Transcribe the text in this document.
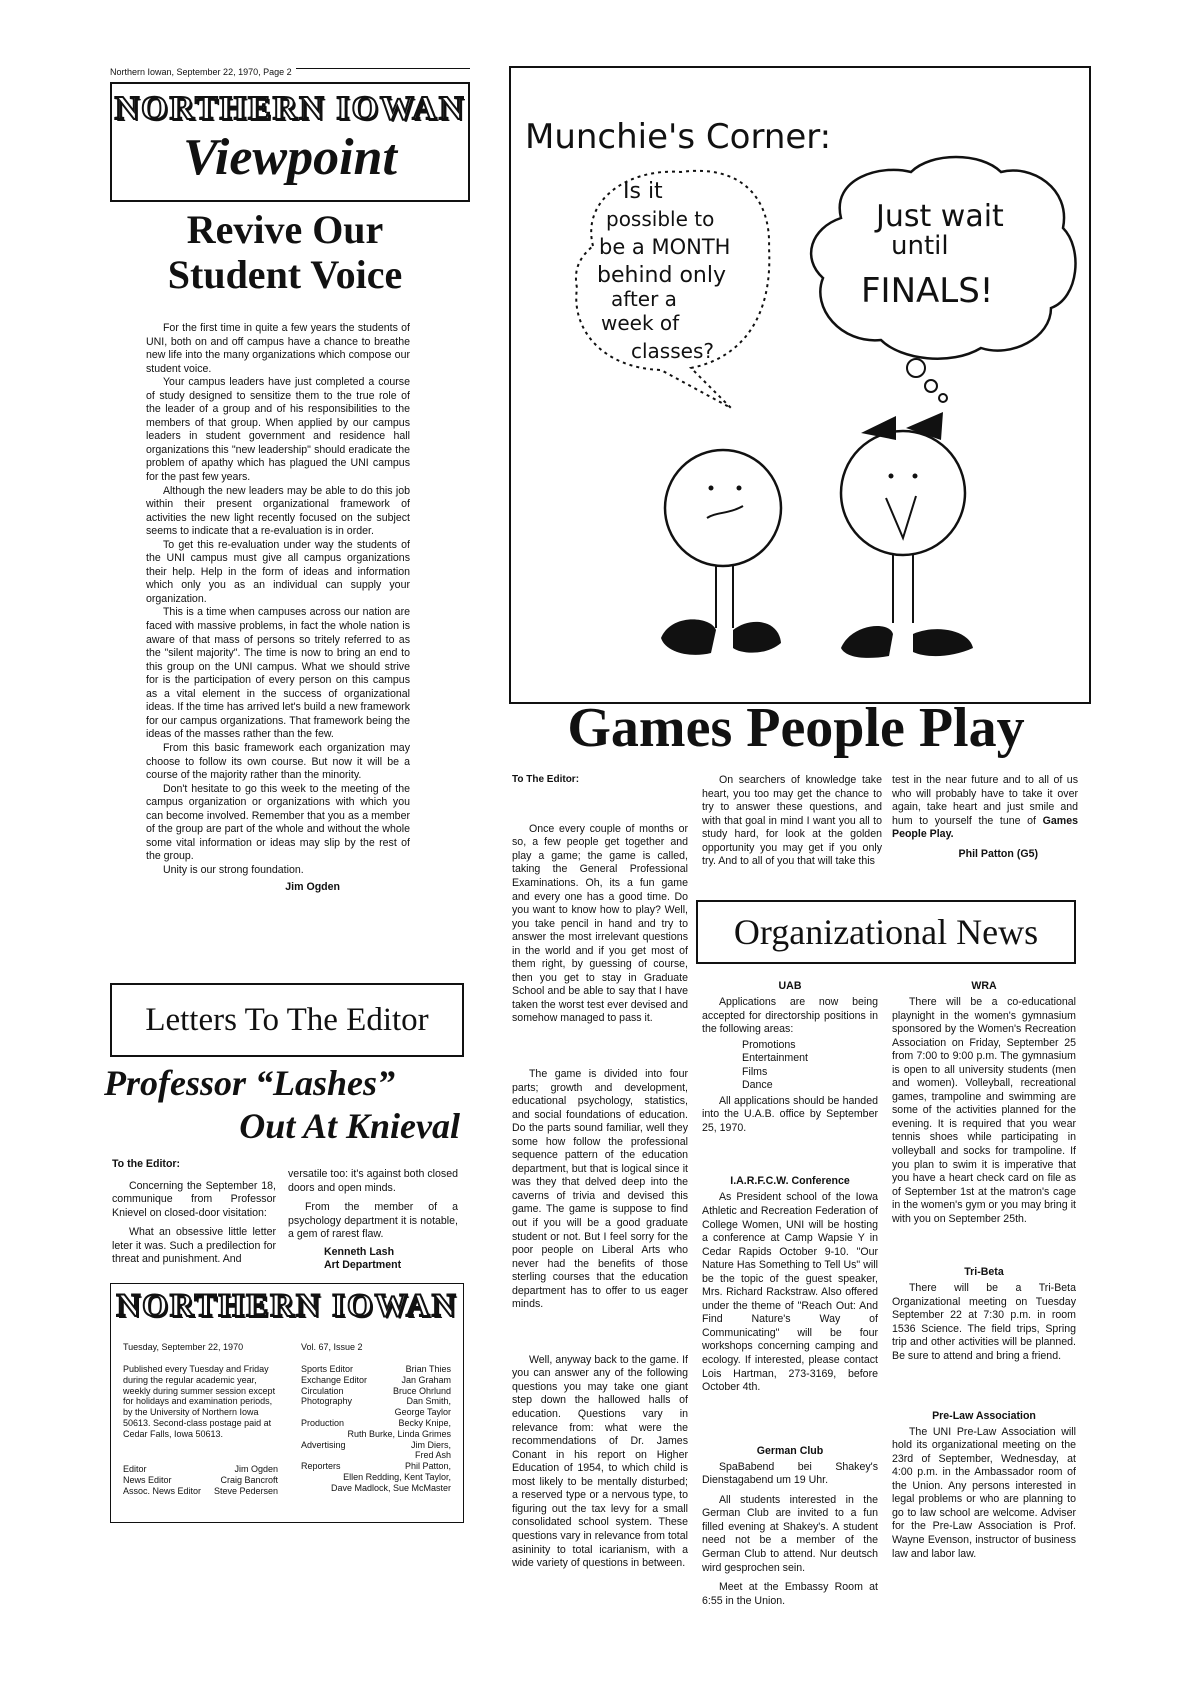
Northern Iowan, September 22, 1970, Page 2
NORTHERN IOWAN
Viewpoint
Revive Our
Student Voice

For the first time in quite a few years the students of UNI, both on and off campus have a chance to breathe new life into the many organizations which compose our student voice.

Your campus leaders have just completed a course of study designed to sensitize them to the true role of the leader of a group and of his responsibilities to the members of that group. When applied by our campus leaders in student government and residence hall organizations this "new leadership" should eradicate the problem of apathy which has plagued the UNI campus for the past few years.

Although the new leaders may be able to do this job within their present organizational framework of activities the new light recently focused on the subject seems to indicate that a re-evaluation is in order.

To get this re-evaluation under way the students of the UNI campus must give all campus organizations their help. Help in the form of ideas and information which only you as an individual can supply your organization.

This is a time when campuses across our nation are faced with massive problems, in fact the whole nation is aware of that mass of persons so tritely referred to as the "silent majority". The time is now to bring an end to this group on the UNI campus. What we should strive for is the participation of every person on this campus as a vital element in the success of organizational ideas. If the time has arrived let's build a new framework for our campus organizations. That framework being the ideas of the masses rather than the few.

From this basic framework each organization may choose to follow its own course. But now it will be a course of the majority rather than the minority.

Don't hesitate to go this week to the meeting of the campus organization or organizations with which you can become involved. Remember that you as a member of the group are part of the whole and without the whole some vital information or ideas may slip by the rest of the group.

Unity is our strong foundation.

Jim Ogden

Letters To The Editor
Professor “Lashes”
Out At Knieval

To the Editor:

Concerning the September 18, communique from Professor Knievel on closed-door visitation:

What an obsessive little letter leter it was. Such a predilection for threat and punishment. And

versatile too: it's against both closed doors and open minds.

From the member of a psychology department it is notable, a gem of rarest flaw.

Kenneth Lash

Art Department

NORTHERN IOWAN
Tuesday, September 22, 1970	Vol. 67, Issue 2
Published every Tuesday and Friday during the regular academic year, weekly during summer session except for holidays and examination periods, by the University of Northern Iowa 50613. Second-class postage paid at Cedar Falls, Iowa 50613.
Editor	Jim Ogden
News Editor	Craig Bancroft
Assoc. News Editor Steve Pedersen
Sports Editor	Brian Thies
Exchange Editor	Jan Graham
Circulation	Bruce Ohrlund
Photography	Dan Smith,
George Taylor
Production	Becky Knipe,
Ruth Burke, Linda Grimes
Advertising	Jim Diers,
Fred Ash
Reporters	Phil Patton,
Ellen Redding, Kent Taylor,
Dave Madlock, Sue McMaster
Munchie's Corner:
Is it
possible to
be a MONTH
behind only
after a
week of
classes?
Just wait
until
FINALS!
Games People Play

To The Editor:

Once every couple of months or so, a few people get together and play a game; the game is called, taking the General Professional Examinations. Oh, its a fun game and every one has a good time. Do you want to know how to play? Well, you take pencil in hand and try to answer the most irrelevant questions in the world and if you get most of them right, by guessing of course, then you get to stay in Graduate School and be able to say that I have taken the worst test ever devised and somehow managed to pass it.

The game is divided into four parts; growth and development, educational psychology, statistics, and social foundations of education. Do the parts sound familiar, well they some how follow the professional sequence pattern of the education department, but that is logical since it was they that delved deep into the caverns of trivia and devised this game. The game is suppose to find out if you will be a good graduate student or not. But I feel sorry for the poor people on Liberal Arts who never had the benefits of those sterling courses that the education department has to offer to us eager minds.

Well, anyway back to the game. If you can answer any of the following questions you may take one giant step down the hallowed halls of education. Questions vary in relevance from: what were the recommendations of Dr. James Conant in his report on Higher Education of 1954, to which child is most likely to be mentally disturbed; a reserved type or a nervous type, to figuring out the tax levy for a small consolidated school system. These questions vary in relevance from total asininity to total icarianism, with a wide variety of questions in between.

On searchers of knowledge take heart, you too may get the chance to try to answer these questions, and with that goal in mind I want you all to study hard, for look at the golden opportunity you may get if you only try. And to all of you that will take this

test in the near future and to all of us who will probably have to take it over again, take heart and just smile and hum to yourself the tune of Games People Play.

Phil Patton (G5)

Organizational News

UAB

Applications are now being accepted for directorship positions in the following areas:

Promotions
Entertainment
Films
Dance

All applications should be handed into the U.A.B. office by September 25, 1970.

I.A.R.F.C.W. Conference

As President school of the Iowa Athletic and Recreation Federation of College Women, UNI will be hosting a conference at Camp Wapsie Y in Cedar Rapids October 9-10. "Our Nature Has Something to Tell Us" will be the topic of the guest speaker, Mrs. Richard Rackstraw. Also offered under the theme of "Reach Out: And Find Nature's Way of Communicating" will be four workshops concerning camping and ecology. If interested, please contact Lois Hartman, 273-3169, before October 4th.

German Club

SpaBabend bei Shakey's Dienstagabend um 19 Uhr.

All students interested in the German Club are invited to a fun filled evening at Shakey's. A student need not be a member of the German Club to attend. Nur deutsch wird gesprochen sein.

Meet at the Embassy Room at 6:55 in the Union.

WRA

There will be a co-educational playnight in the women's gymnasium sponsored by the Women's Recreation Association on Friday, September 25 from 7:00 to 9:00 p.m. The gymnasium is open to all university students (men and women). Volleyball, recreational games, trampoline and swimming are some of the activities planned for the evening. It is required that you wear tennis shoes while participating in volleyball and socks for trampoline. If you plan to swim it is imperative that you have a heart check card on file as of September 1st at the matron's cage in the women's gym or you may bring it with you on September 25th.

Tri-Beta

There will be a Tri-Beta Organizational meeting on Tuesday September 22 at 7:30 p.m. in room 1536 Science. The field trips, Spring trip and other activities will be planned. Be sure to attend and bring a friend.

Pre-Law Association

The UNI Pre-Law Association will hold its organizational meeting on the 23rd of September, Wednesday, at 4:00 p.m. in the Ambassador room of the Union. Any persons interested in legal problems or who are planning to go to law school are welcome. Adviser for the Pre-Law Association is Prof. Wayne Evenson, instructor of business law and labor law.
